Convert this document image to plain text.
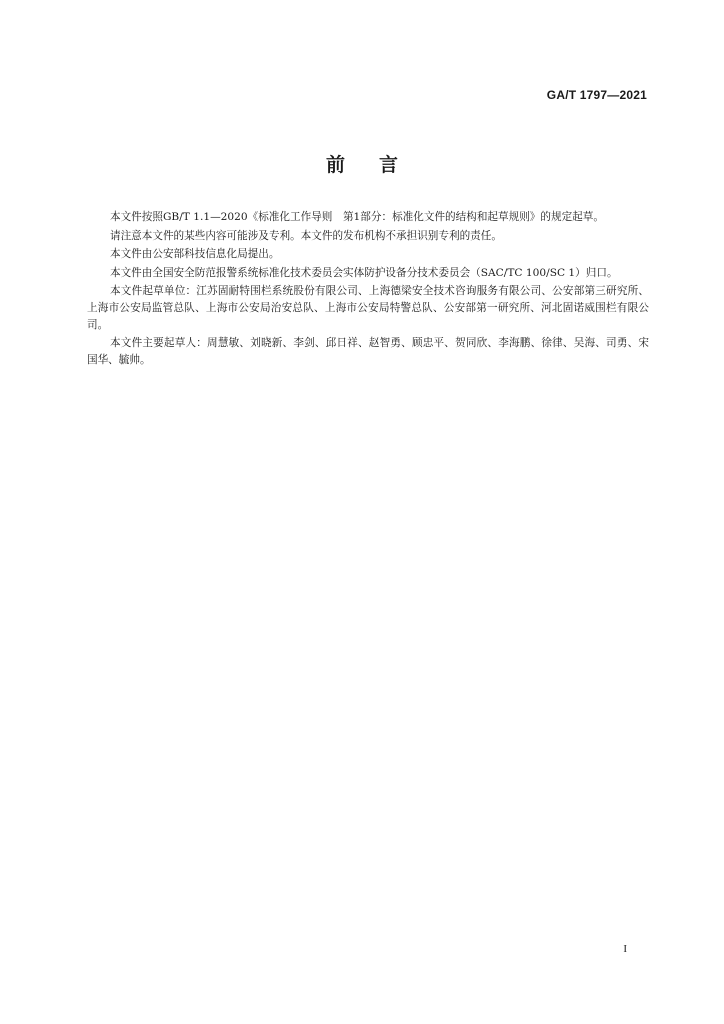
GA/T 1797—2021
前 言

本文件按照GB/T 1.1—2020《标准化工作导则　第1部分：标准化文件的结构和起草规则》的规定起草。

请注意本文件的某些内容可能涉及专利。本文件的发布机构不承担识别专利的责任。

本文件由公安部科技信息化局提出。

本文件由全国安全防范报警系统标准化技术委员会实体防护设备分技术委员会（SAC/TC 100/SC 1）归口。

本文件起草单位：江苏固耐特围栏系统股份有限公司、上海德梁安全技术咨询服务有限公司、公安部第三研究所、上海市公安局监管总队、上海市公安局治安总队、上海市公安局特警总队、公安部第一研究所、河北固诺威围栏有限公司。

本文件主要起草人：周慧敏、刘晓新、李剑、邱日祥、赵智勇、顾忠平、贺同欣、李海鹏、徐律、吴海、司勇、宋国华、毓帅。

I
